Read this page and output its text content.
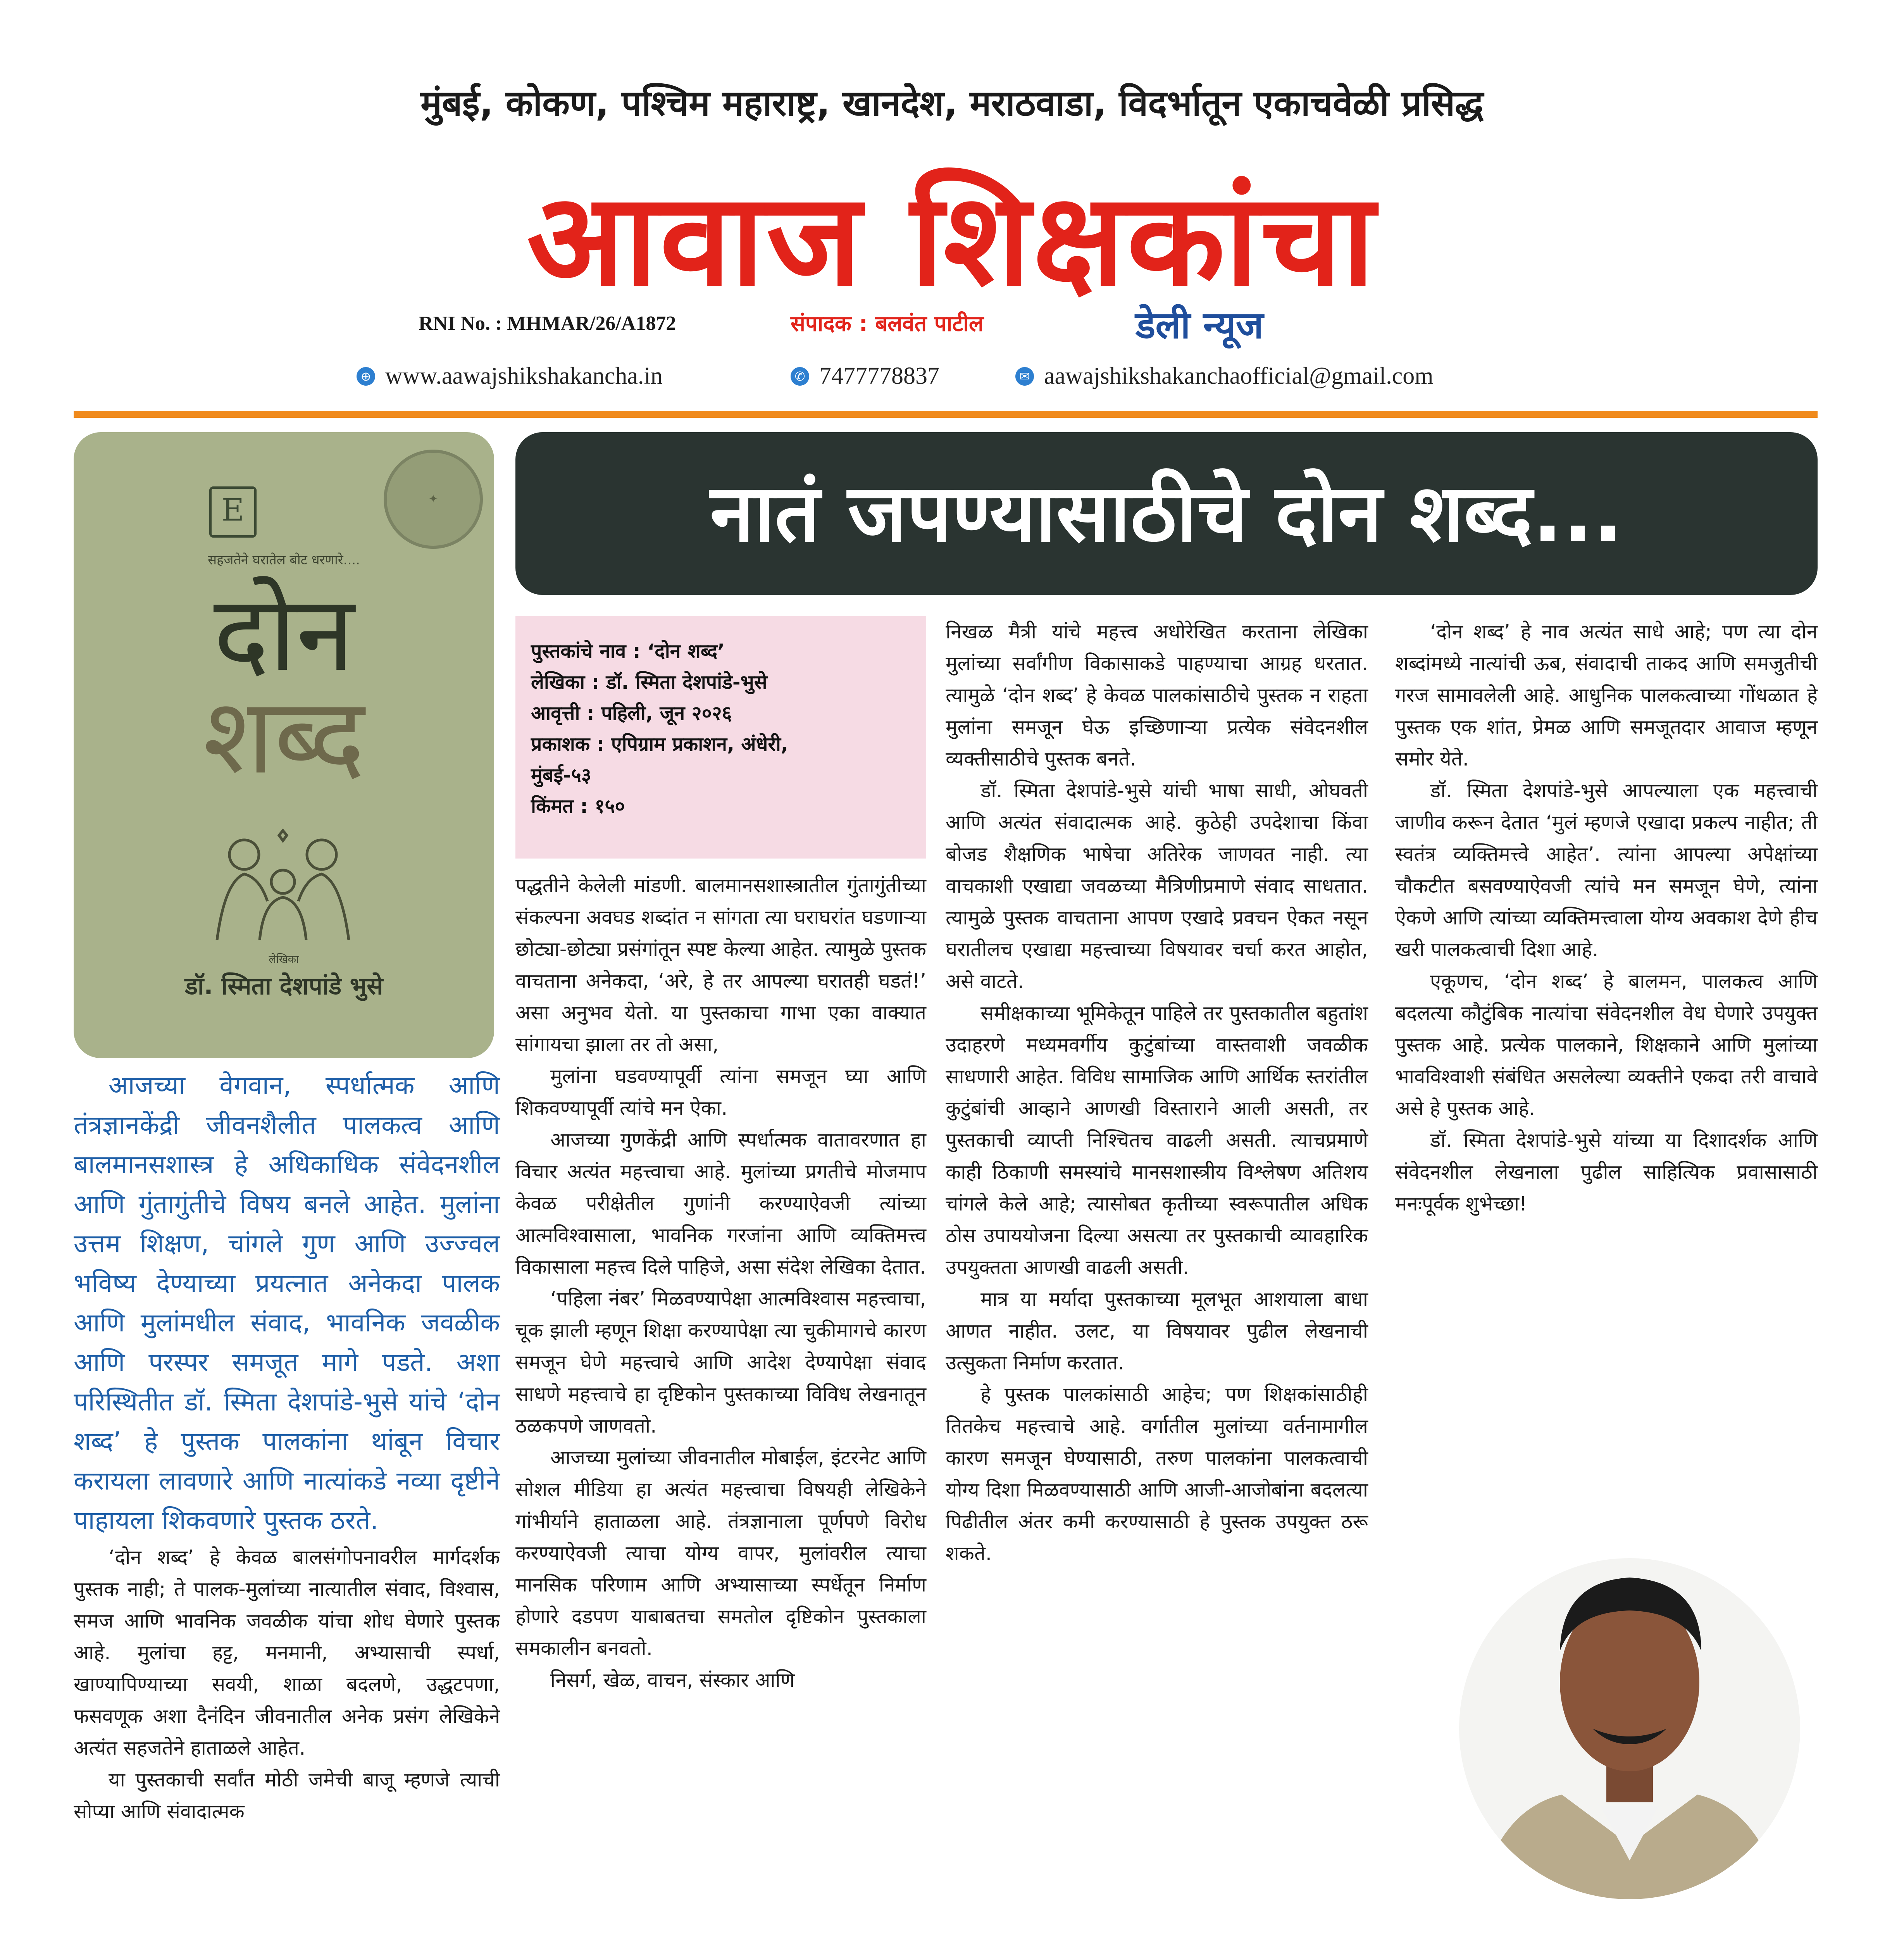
मुंबई, कोकण, पश्चिम महाराष्ट्र, खानदेश, मराठवाडा, विदर्भातून एकाचवेळी प्रसिद्ध
आवाज शिक्षकांचा
RNI No. : MHMAR/26/A1872	संपादक : बलवंत पाटील	डेली न्यूज
⊕ www.aawajshikshakancha.in	✆ 7477778837	✉ aawajshikshakanchaofficial@gmail.com
E	✦
सहजतेने घरातेल बोट धरणारे....
दोन
शब्द
लेखिका
डॉ. स्मिता देशपांडे भुसे
नातं जपण्यासाठीचे दोन शब्द...
पुस्तकांचे नाव : ‘दोन शब्द’
लेखिका : डॉ. स्मिता देशपांडे-भुसे
आवृत्ती : पहिली, जून २०२६
प्रकाशक : एपिग्राम प्रकाशन, अंधेरी,
मुंबई-५३
किंमत : १५०

आजच्या वेगवान, स्पर्धात्मक आणि तंत्रज्ञानकेंद्री जीवनशैलीत पालकत्व आणि बालमानसशास्त्र हे अधिकाधिक संवेदनशील आणि गुंतागुंतीचे विषय बनले आहेत. मुलांना उत्तम शिक्षण, चांगले गुण आणि उज्ज्वल भविष्य देण्याच्या प्रयत्नात अनेकदा पालक आणि मुलांमधील संवाद, भावनिक जवळीक आणि परस्पर समजूत मागे पडते. अशा परिस्थितीत डॉ. स्मिता देशपांडे-भुसे यांचे ‘दोन शब्द’ हे पुस्तक पालकांना थांबून विचार करायला लावणारे आणि नात्यांकडे नव्या दृष्टीने पाहायला शिकवणारे पुस्तक ठरते.

‘दोन शब्द’ हे केवळ बालसंगोपनावरील मार्गदर्शक पुस्तक नाही; ते पालक-मुलांच्या नात्यातील संवाद, विश्वास, समज आणि भावनिक जवळीक यांचा शोध घेणारे पुस्तक आहे. मुलांचा हट्ट, मनमानी, अभ्यासाची स्पर्धा, खाण्यापिण्याच्या सवयी, शाळा बदलणे, उद्धटपणा, फसवणूक अशा दैनंदिन जीवनातील अनेक प्रसंग लेखिकेने अत्यंत सहजतेने हाताळले आहेत.

या पुस्तकाची सर्वांत मोठी जमेची बाजू म्हणजे त्याची सोप्या आणि संवादात्मक

पद्धतीने केलेली मांडणी. बालमानसशास्त्रातील गुंतागुंतीच्या संकल्पना अवघड शब्दांत न सांगता त्या घराघरांत घडणाऱ्या छोट्या-छोट्या प्रसंगांतून स्पष्ट केल्या आहेत. त्यामुळे पुस्तक वाचताना अनेकदा, ‘अरे, हे तर आपल्या घरातही घडतं!’ असा अनुभव येतो. या पुस्तकाचा गाभा एका वाक्यात सांगायचा झाला तर तो असा,

मुलांना घडवण्यापूर्वी त्यांना समजून घ्या आणि शिकवण्यापूर्वी त्यांचे मन ऐका.

आजच्या गुणकेंद्री आणि स्पर्धात्मक वातावरणात हा विचार अत्यंत महत्त्वाचा आहे. मुलांच्या प्रगतीचे मोजमाप केवळ परीक्षेतील गुणांनी करण्याऐवजी त्यांच्या आत्मविश्वासाला, भावनिक गरजांना आणि व्यक्तिमत्त्व विकासाला महत्त्व दिले पाहिजे, असा संदेश लेखिका देतात.

‘पहिला नंबर’ मिळवण्यापेक्षा आत्मविश्वास महत्त्वाचा, चूक झाली म्हणून शिक्षा करण्यापेक्षा त्या चुकीमागचे कारण समजून घेणे महत्त्वाचे आणि आदेश देण्यापेक्षा संवाद साधणे महत्त्वाचे हा दृष्टिकोन पुस्तकाच्या विविध लेखनातून ठळकपणे जाणवतो.

आजच्या मुलांच्या जीवनातील मोबाईल, इंटरनेट आणि सोशल मीडिया हा अत्यंत महत्त्वाचा विषयही लेखिकेने गांभीर्याने हाताळला आहे. तंत्रज्ञानाला पूर्णपणे विरोध करण्याऐवजी त्याचा योग्य वापर, मुलांवरील त्याचा मानसिक परिणाम आणि अभ्यासाच्या स्पर्धेतून निर्माण होणारे दडपण याबाबतचा समतोल दृष्टिकोन पुस्तकाला समकालीन बनवतो.

निसर्ग, खेळ, वाचन, संस्कार आणि

निखळ मैत्री यांचे महत्त्व अधोरेखित करताना लेखिका मुलांच्या सर्वांगीण विकासाकडे पाहण्याचा आग्रह धरतात. त्यामुळे ‘दोन शब्द’ हे केवळ पालकांसाठीचे पुस्तक न राहता मुलांना समजून घेऊ इच्छिणाऱ्या प्रत्येक संवेदनशील व्यक्तीसाठीचे पुस्तक बनते.

डॉ. स्मिता देशपांडे-भुसे यांची भाषा साधी, ओघवती आणि अत्यंत संवादात्मक आहे. कुठेही उपदेशाचा किंवा बोजड शैक्षणिक भाषेचा अतिरेक जाणवत नाही. त्या वाचकाशी एखाद्या जवळच्या मैत्रिणीप्रमाणे संवाद साधतात. त्यामुळे पुस्तक वाचताना आपण एखादे प्रवचन ऐकत नसून घरातीलच एखाद्या महत्त्वाच्या विषयावर चर्चा करत आहोत, असे वाटते.

समीक्षकाच्या भूमिकेतून पाहिले तर पुस्तकातील बहुतांश उदाहरणे मध्यमवर्गीय कुटुंबांच्या वास्तवाशी जवळीक साधणारी आहेत. विविध सामाजिक आणि आर्थिक स्तरांतील कुटुंबांची आव्हाने आणखी विस्ताराने आली असती, तर पुस्तकाची व्याप्ती निश्चितच वाढली असती. त्याचप्रमाणे काही ठिकाणी समस्यांचे मानसशास्त्रीय विश्लेषण अतिशय चांगले केले आहे; त्यासोबत कृतीच्या स्वरूपातील अधिक ठोस उपाययोजना दिल्या असत्या तर पुस्तकाची व्यावहारिक उपयुक्तता आणखी वाढली असती.

मात्र या मर्यादा पुस्तकाच्या मूलभूत आशयाला बाधा आणत नाहीत. उलट, या विषयावर पुढील लेखनाची उत्सुकता निर्माण करतात.

हे पुस्तक पालकांसाठी आहेच; पण शिक्षकांसाठीही तितकेच महत्त्वाचे आहे. वर्गातील मुलांच्या वर्तनामागील कारण समजून घेण्यासाठी, तरुण पालकांना पालकत्वाची योग्य दिशा मिळवण्यासाठी आणि आजी-आजोबांना बदलत्या पिढीतील अंतर कमी करण्यासाठी हे पुस्तक उपयुक्त ठरू शकते.

‘दोन शब्द’ हे नाव अत्यंत साधे आहे; पण त्या दोन शब्दांमध्ये नात्यांची ऊब, संवादाची ताकद आणि समजुतीची गरज सामावलेली आहे. आधुनिक पालकत्वाच्या गोंधळात हे पुस्तक एक शांत, प्रेमळ आणि समजूतदार आवाज म्हणून समोर येते.

डॉ. स्मिता देशपांडे-भुसे आपल्याला एक महत्त्वाची जाणीव करून देतात ‘मुलं म्हणजे एखादा प्रकल्प नाहीत; ती स्वतंत्र व्यक्तिमत्त्वे आहेत’. त्यांना आपल्या अपेक्षांच्या चौकटीत बसवण्याऐवजी त्यांचे मन समजून घेणे, त्यांना ऐकणे आणि त्यांच्या व्यक्तिमत्त्वाला योग्य अवकाश देणे हीच खरी पालकत्वाची दिशा आहे.

एकूणच, ‘दोन शब्द’ हे बालमन, पालकत्व आणि बदलत्या कौटुंबिक नात्यांचा संवेदनशील वेध घेणारे उपयुक्त पुस्तक आहे. प्रत्येक पालकाने, शिक्षकाने आणि मुलांच्या भावविश्वाशी संबंधित असलेल्या व्यक्तीने एकदा तरी वाचावे असे हे पुस्तक आहे.

डॉ. स्मिता देशपांडे-भुसे यांच्या या दिशादर्शक आणि संवेदनशील लेखनाला पुढील साहित्यिक प्रवासासाठी मनःपूर्वक शुभेच्छा!
